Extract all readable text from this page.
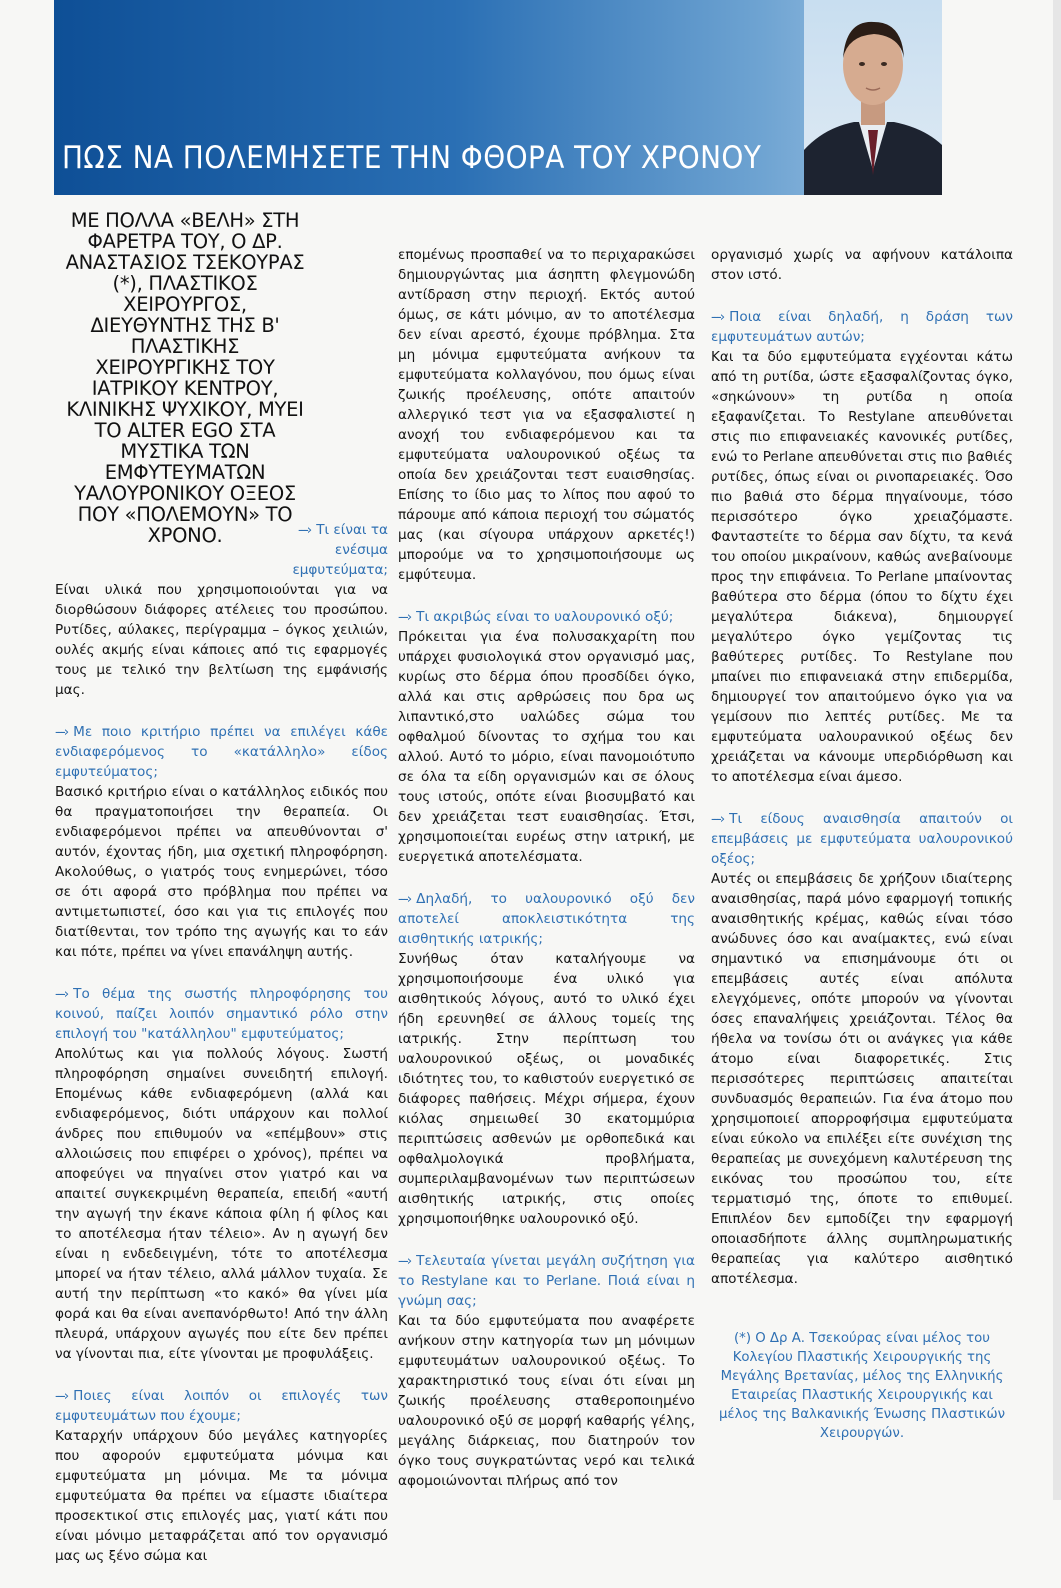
ΠΩΣ ΝΑ ΠΟΛΕΜΗΣΕΤΕ ΤΗΝ ΦΘΟΡΑ ΤΟΥ ΧΡΟΝΟΥ
ΜΕ ΠΟΛΛΑ «ΒΕΛΗ» ΣΤΗ ΦΑΡΕΤΡΑ ΤΟΥ, Ο ΔΡ. ΑΝΑΣΤΑΣΙΟΣ ΤΣΕΚΟΥΡΑΣ (*), ΠΛΑΣΤΙΚΟΣ ΧΕΙΡΟΥΡΓΟΣ, ΔΙΕΥΘΥΝΤΗΣ ΤΗΣ Β' ΠΛΑΣΤΙΚΗΣ ΧΕΙΡΟΥΡΓΙΚΗΣ ΤΟΥ ΙΑΤΡΙΚΟΥ ΚΕΝΤΡΟΥ, ΚΛΙΝΙΚΗΣ ΨΥΧΙΚΟΥ, ΜΥΕΙ ΤΟ ALTER EGO ΣΤΑ ΜΥΣΤΙΚΑ ΤΩΝ ΕΜΦΥΤΕΥΜΑΤΩΝ ΥΑΛΟΥΡΟΝΙΚΟΥ ΟΞΕΟΣ ΠΟΥ «ΠΟΛΕΜΟΥΝ» ΤΟ ΧΡΟΝΟ.	---› Τι είναι τα ενέσιμα εμφυτεύματα;

Είναι υλικά που χρησιμοποιούνται για να διορθώσουν διάφορες ατέλειες του προσώπου. Ρυτίδες, αύλακες, περίγραμμα – όγκος χειλιών, ουλές ακμής είναι κάποιες από τις εφαρμογές τους με τελικό την βελτίωση της εμφάνισής μας.

---› Με ποιο κριτήριο πρέπει να επιλέγει κάθε ενδιαφερόμενος το «κατάλληλο» είδος εμφυτεύματος;

Βασικό κριτήριο είναι ο κατάλληλος ειδικός που θα πραγματοποιήσει την θεραπεία. Οι ενδιαφερόμενοι πρέπει να απευθύνονται σ' αυτόν, έχοντας ήδη, μια σχετική πληροφόρηση. Ακολούθως, ο γιατρός τους ενημερώνει, τόσο σε ότι αφορά στο πρόβλημα που πρέπει να αντιμετωπιστεί, όσο και για τις επιλογές που διατίθενται, τον τρόπο της αγωγής και το εάν και πότε, πρέπει να γίνει επανάληψη αυτής.

---› Το θέμα της σωστής πληροφόρησης του κοινού, παίζει λοιπόν σημαντικό ρόλο στην επιλογή του "κατάλληλου" εμφυτεύματος;

Απολύτως και για πολλούς λόγους. Σωστή πληροφόρηση σημαίνει συνειδητή επιλογή. Επομένως κάθε ενδιαφερόμενη (αλλά και ενδιαφερόμενος, διότι υπάρχουν και πολλοί άνδρες που επιθυμούν να «επέμβουν» στις αλλοιώσεις που επιφέρει ο χρόνος), πρέπει να αποφεύγει να πηγαίνει στον γιατρό και να απαιτεί συγκεκριμένη θεραπεία, επειδή «αυτή την αγωγή την έκανε κάποια φίλη ή φίλος και το αποτέλεσμα ήταν τέλειο». Αν η αγωγή δεν είναι η ενδεδειγμένη, τότε το αποτέλεσμα μπορεί να ήταν τέλειο, αλλά μάλλον τυχαία. Σε αυτή την περίπτωση «το κακό» θα γίνει μία φορά και θα είναι ανεπανόρθωτο! Από την άλλη πλευρά, υπάρχουν αγωγές που είτε δεν πρέπει να γίνονται πια, είτε γίνονται με προφυλάξεις.

---› Ποιες είναι λοιπόν οι επιλογές των εμφυτευμάτων που έχουμε;

Καταρχήν υπάρχουν δύο μεγάλες κατηγορίες που αφορούν εμφυτεύματα μόνιμα και εμφυτεύματα μη μόνιμα. Με τα μόνιμα εμφυτεύματα θα πρέπει να είμαστε ιδιαίτερα προσεκτικοί στις επιλογές μας, γιατί κάτι που είναι μόνιμο μεταφράζεται από τον οργανισμό μας ως ξένο σώμα και

επομένως προσπαθεί να το περιχαρακώσει δημιουργώντας μια άσηπτη φλεγμονώδη αντίδραση στην περιοχή. Εκτός αυτού όμως, σε κάτι μόνιμο, αν το αποτέλεσμα δεν είναι αρεστό, έχουμε πρόβλημα. Στα μη μόνιμα εμφυτεύματα ανήκουν τα εμφυτεύματα κολλαγόνου, που όμως είναι ζωικής προέλευσης, οπότε απαιτούν αλλεργικό τεστ για να εξασφαλιστεί η ανοχή του ενδιαφερόμενου και τα εμφυτεύματα υαλουρονικού οξέως τα οποία δεν χρειάζονται τεστ ευαισθησίας. Επίσης το ίδιο μας το λίπος που αφού το πάρουμε από κάποια περιοχή του σώματός μας (και σίγουρα υπάρχουν αρκετές!) μπορούμε να το χρησιμοποιήσουμε ως εμφύτευμα.

---› Τι ακριβώς είναι το υαλουρονικό οξύ;

Πρόκειται για ένα πολυσακχαρίτη που υπάρχει φυσιολογικά στον οργανισμό μας, κυρίως στο δέρμα όπου προσδίδει όγκο, αλλά και στις αρθρώσεις που δρα ως λιπαντικό,στο υαλώδες σώμα του οφθαλμού δίνοντας το σχήμα του και αλλού. Αυτό το μόριο, είναι πανομοιότυπο σε όλα τα είδη οργανισμών και σε όλους τους ιστούς, οπότε είναι βιοσυμβατό και δεν χρειάζεται τεστ ευαισθησίας. Έτσι, χρησιμοποιείται ευρέως στην ιατρική, με ευεργετικά αποτελέσματα.

---› Δηλαδή, το υαλουρονικό οξύ δεν αποτελεί αποκλειστικότητα της αισθητικής ιατρικής;

Συνήθως όταν καταλήγουμε να χρησιμοποιήσουμε ένα υλικό για αισθητικούς λόγους, αυτό το υλικό έχει ήδη ερευνηθεί σε άλλους τομείς της ιατρικής. Στην περίπτωση του υαλουρονικού οξέως, οι μοναδικές ιδιότητες του, το καθιστούν ευεργετικό σε διάφορες παθήσεις. Μέχρι σήμερα, έχουν κιόλας σημειωθεί 30 εκατομμύρια περιπτώσεις ασθενών με ορθοπεδικά και οφθαλμολογικά προβλήματα, συμπεριλαμβανομένων των περιπτώσεων αισθητικής ιατρικής, στις οποίες χρησιμοποιήθηκε υαλουρονικό οξύ.

---› Τελευταία γίνεται μεγάλη συζήτηση για το Restylane και το Perlane. Ποιά είναι η γνώμη σας;

Και τα δύο εμφυτεύματα που αναφέρετε ανήκουν στην κατηγορία των μη μόνιμων εμφυτευμάτων υαλουρονικού οξέως. Το χαρακτηριστικό τους είναι ότι είναι μη ζωικής προέλευσης σταθεροποιημένο υαλουρονικό οξύ σε μορφή καθαρής γέλης, μεγάλης διάρκειας, που διατηρούν τον όγκο τους συγκρατώντας νερό και τελικά αφομοιώνονται πλήρως από τον

οργανισμό χωρίς να αφήνουν κατάλοιπα στον ιστό.

---› Ποια είναι δηλαδή, η δράση των εμφυτευμάτων αυτών;

Και τα δύο εμφυτεύματα εγχέονται κάτω από τη ρυτίδα, ώστε εξασφαλίζοντας όγκο, «σηκώνουν» τη ρυτίδα η οποία εξαφανίζεται. Το Restylane απευθύνεται στις πιο επιφανειακές κανονικές ρυτίδες, ενώ το Perlane απευθύνεται στις πιο βαθιές ρυτίδες, όπως είναι οι ρινοπαρειακές. Όσο πιο βαθιά στο δέρμα πηγαίνουμε, τόσο περισσότερο όγκο χρειαζόμαστε. Φανταστείτε το δέρμα σαν δίχτυ, τα κενά του οποίου μικραίνουν, καθώς ανεβαίνουμε προς την επιφάνεια. Το Perlane μπαίνοντας βαθύτερα στο δέρμα (όπου το δίχτυ έχει μεγαλύτερα διάκενα), δημιουργεί μεγαλύτερο όγκο γεμίζοντας τις βαθύτερες ρυτίδες. Το Restylane που μπαίνει πιο επιφανειακά στην επιδερμίδα, δημιουργεί τον απαιτούμενο όγκο για να γεμίσουν πιο λεπτές ρυτίδες. Με τα εμφυτεύματα υαλουρανικού οξέως δεν χρειάζεται να κάνουμε υπερδιόρθωση και το αποτέλεσμα είναι άμεσο.

---› Τι είδους αναισθησία απαιτούν οι επεμβάσεις με εμφυτεύματα υαλουρονικού οξέος;

Αυτές οι επεμβάσεις δε χρήζουν ιδιαίτερης αναισθησίας, παρά μόνο εφαρμογή τοπικής αναισθητικής κρέμας, καθώς είναι τόσο ανώδυνες όσο και αναίμακτες, ενώ είναι σημαντικό να επισημάνουμε ότι οι επεμβάσεις αυτές είναι απόλυτα ελεγχόμενες, οπότε μπορούν να γίνονται όσες επαναλήψεις χρειάζονται. Τέλος θα ήθελα να τονίσω ότι οι ανάγκες για κάθε άτομο είναι διαφορετικές. Στις περισσότερες περιπτώσεις απαιτείται συνδυασμός θεραπειών. Για ένα άτομο που χρησιμοποιεί απορροφήσιμα εμφυτεύματα είναι εύκολο να επιλέξει είτε συνέχιση της θεραπείας με συνεχόμενη καλυτέρευση της εικόνας του προσώπου του, είτε τερματισμό της, όποτε το επιθυμεί. Επιπλέον δεν εμποδίζει την εφαρμογή οποιασδήποτε άλλης συμπληρωματικής θεραπείας για καλύτερο αισθητικό αποτέλεσμα.

(*) Ο Δρ Α. Τσεκούρας είναι μέλος του Κολεγίου Πλαστικής Χειρουργικής της Μεγάλης Βρετανίας, μέλος της Ελληνικής Εταιρείας Πλαστικής Χειρουργικής και μέλος της Βαλκανικής Ένωσης Πλαστικών Χειρουργών.
